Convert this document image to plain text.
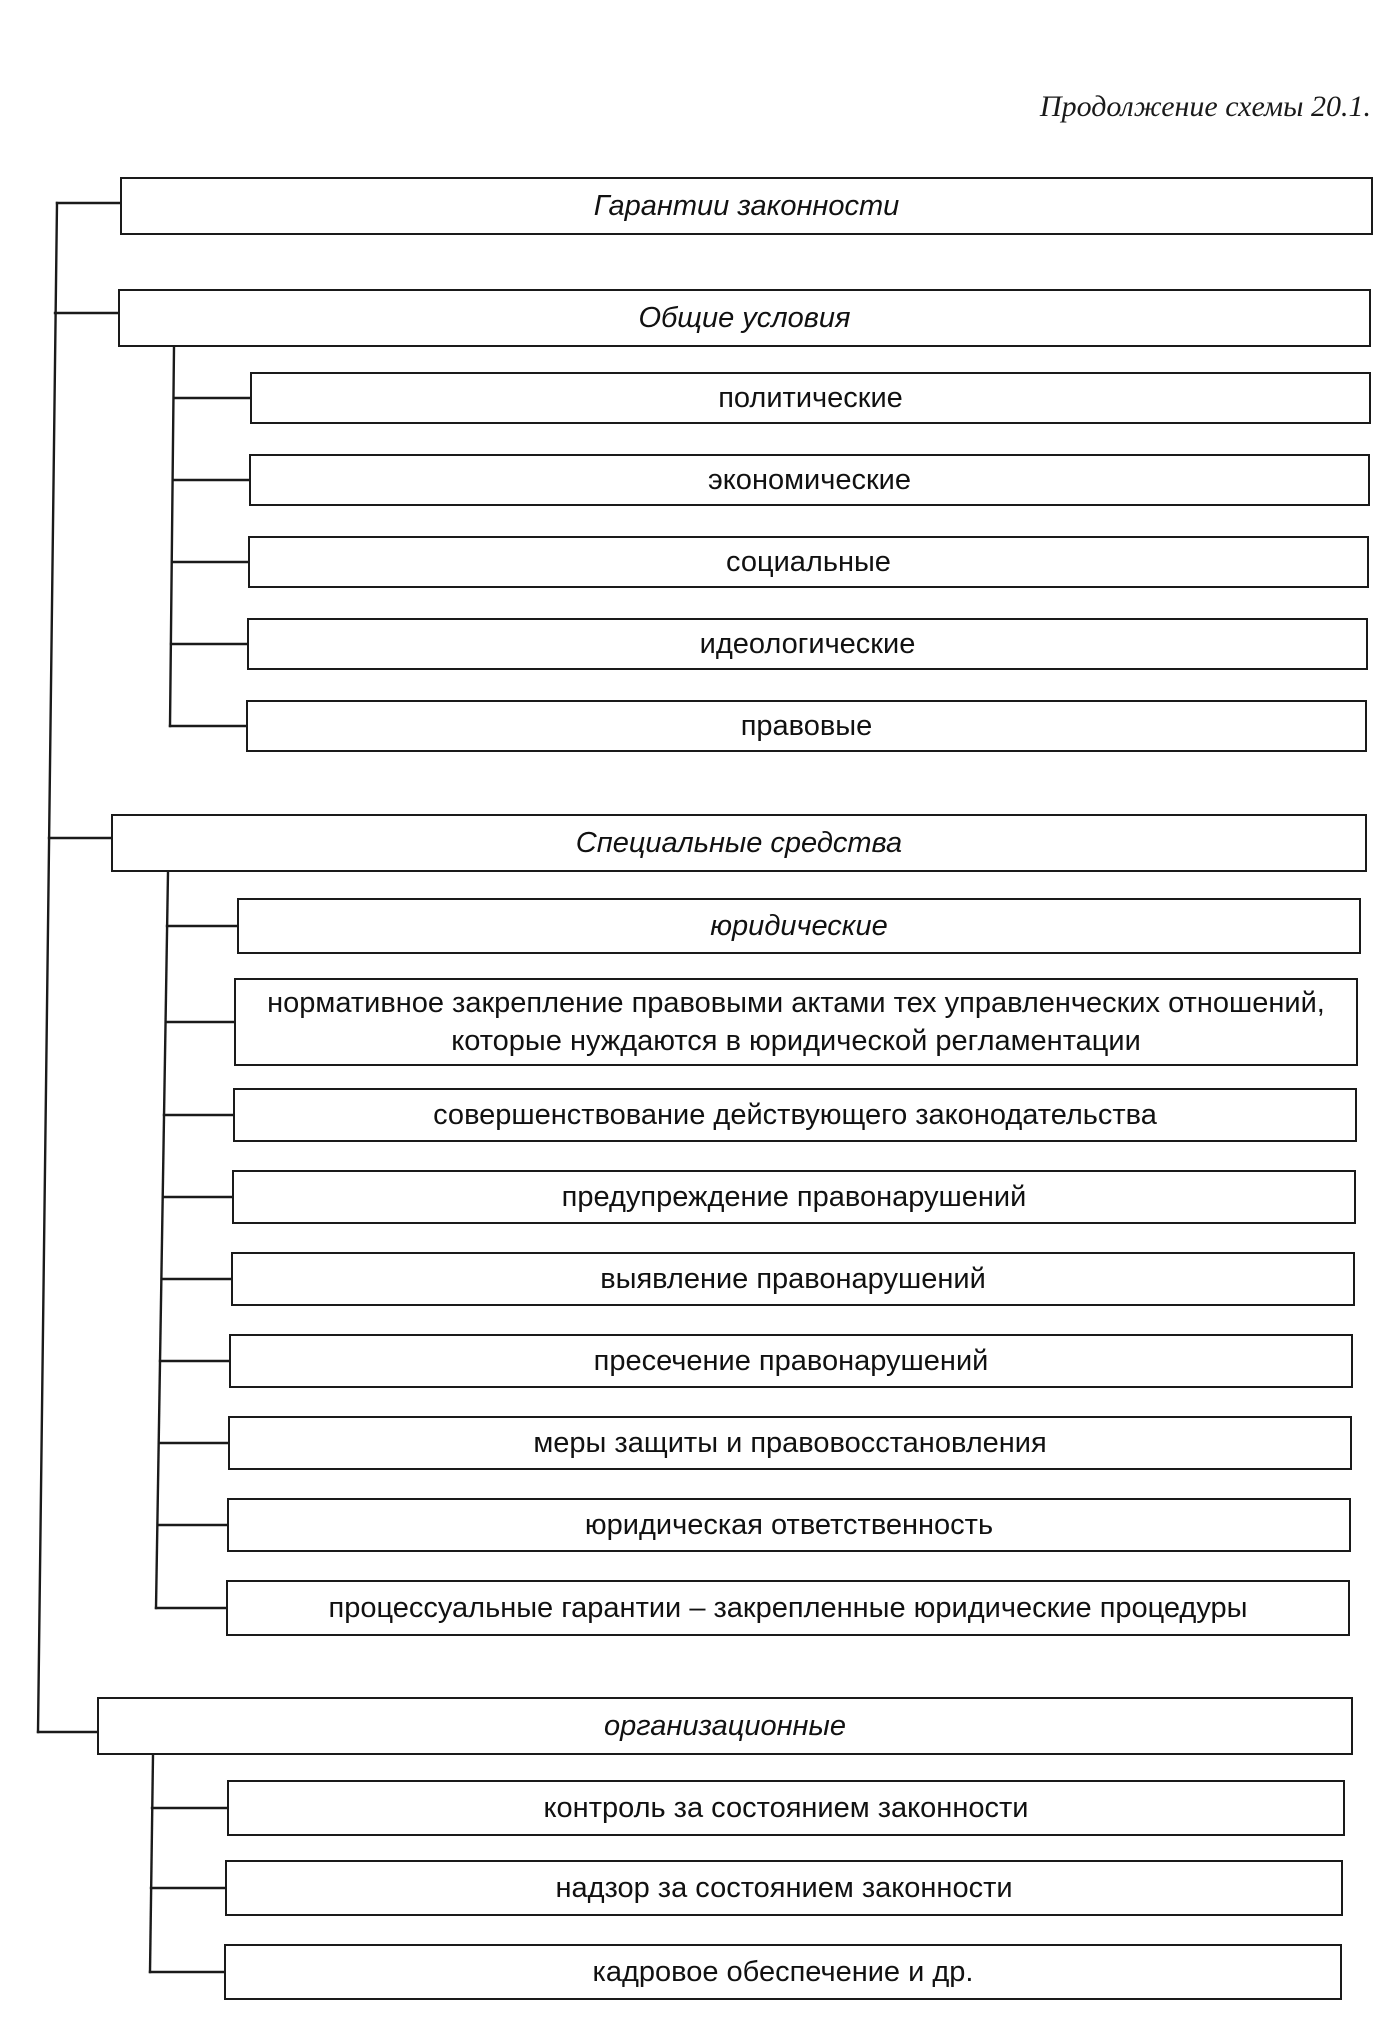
Продолжение схемы 20.1.
Гарантии законности
Общие условия
политические
экономические
социальные
идеологические
правовые
Специальные средства
юридические
нормативное закрепление правовыми актами тех управленческих отношений, которые нуждаются в юридической регламентации
совершенствование действующего законодательства
предупреждение правонарушений
выявление правонарушений
пресечение правонарушений
меры защиты и правовосстановления
юридическая ответственность
процессуальные гарантии – закрепленные юридические процедуры
организационные
контроль за состоянием законности
надзор за состоянием законности
кадровое обеспечение и др.
